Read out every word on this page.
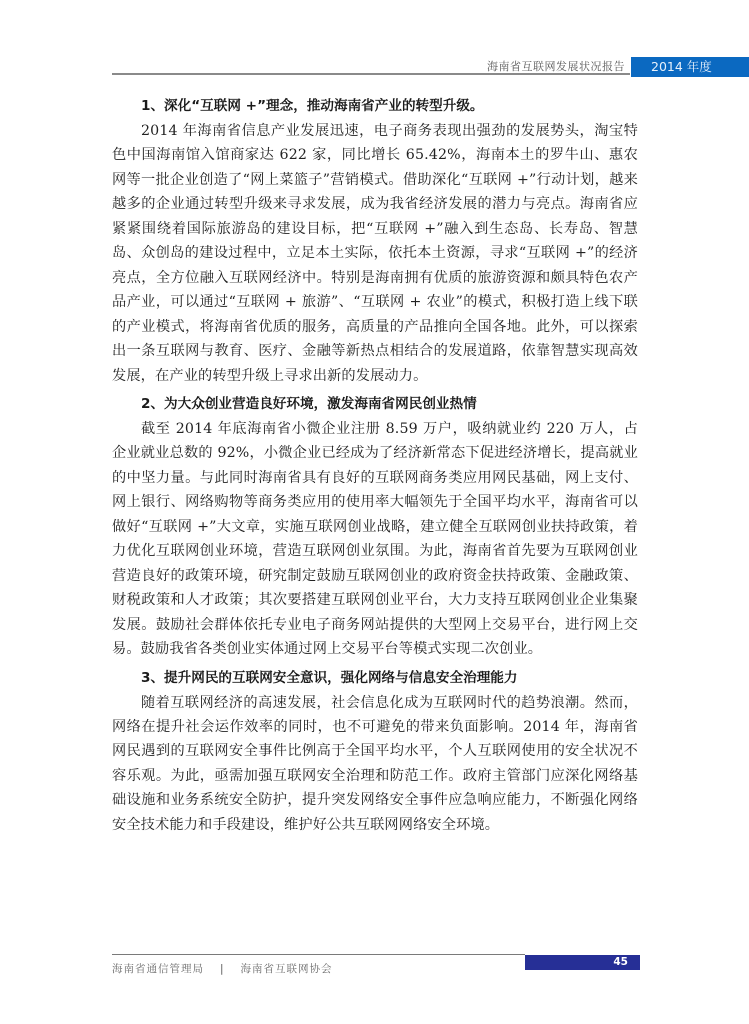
海南省互联网发展状况报告	2014 年度

1、深化“互联网 +”理念，推动海南省产业的转型升级。

2014 年海南省信息产业发展迅速，电子商务表现出强劲的发展势头，淘宝特色中国海南馆入馆商家达 622 家，同比增长 65.42%，海南本土的罗牛山、惠农网等一批企业创造了“网上菜篮子”营销模式。借助深化“互联网 +”行动计划，越来越多的企业通过转型升级来寻求发展，成为我省经济发展的潜力与亮点。海南省应紧紧围绕着国际旅游岛的建设目标，把“互联网 +”融入到生态岛、长寿岛、智慧岛、众创岛的建设过程中，立足本土实际，依托本土资源，寻求“互联网 +”的经济亮点，全方位融入互联网经济中。特别是海南拥有优质的旅游资源和颇具特色农产品产业，可以通过“互联网 + 旅游”、“互联网 + 农业”的模式，积极打造上线下联的产业模式，将海南省优质的服务，高质量的产品推向全国各地。此外，可以探索出一条互联网与教育、医疗、金融等新热点相结合的发展道路，依靠智慧实现高效发展，在产业的转型升级上寻求出新的发展动力。

2、为大众创业营造良好环境，激发海南省网民创业热情

截至 2014 年底海南省小微企业注册 8.59 万户，吸纳就业约 220 万人，占企业就业总数的 92%，小微企业已经成为了经济新常态下促进经济增长，提高就业的中坚力量。与此同时海南省具有良好的互联网商务类应用网民基础，网上支付、网上银行、网络购物等商务类应用的使用率大幅领先于全国平均水平，海南省可以做好“互联网 +”大文章，实施互联网创业战略，建立健全互联网创业扶持政策，着力优化互联网创业环境，营造互联网创业氛围。为此，海南省首先要为互联网创业营造良好的政策环境，研究制定鼓励互联网创业的政府资金扶持政策、金融政策、财税政策和人才政策；其次要搭建互联网创业平台，大力支持互联网创业企业集聚发展。鼓励社会群体依托专业电子商务网站提供的大型网上交易平台，进行网上交易。鼓励我省各类创业实体通过网上交易平台等模式实现二次创业。

3、提升网民的互联网安全意识，强化网络与信息安全治理能力

随着互联网经济的高速发展，社会信息化成为互联网时代的趋势浪潮。然而，网络在提升社会运作效率的同时，也不可避免的带来负面影响。2014 年，海南省网民遇到的互联网安全事件比例高于全国平均水平，个人互联网使用的安全状况不容乐观。为此，亟需加强互联网安全治理和防范工作。政府主管部门应深化网络基础设施和业务系统安全防护，提升突发网络安全事件应急响应能力，不断强化网络安全技术能力和手段建设，维护好公共互联网网络安全环境。

海南省通信管理局 | 海南省互联网协会
45
